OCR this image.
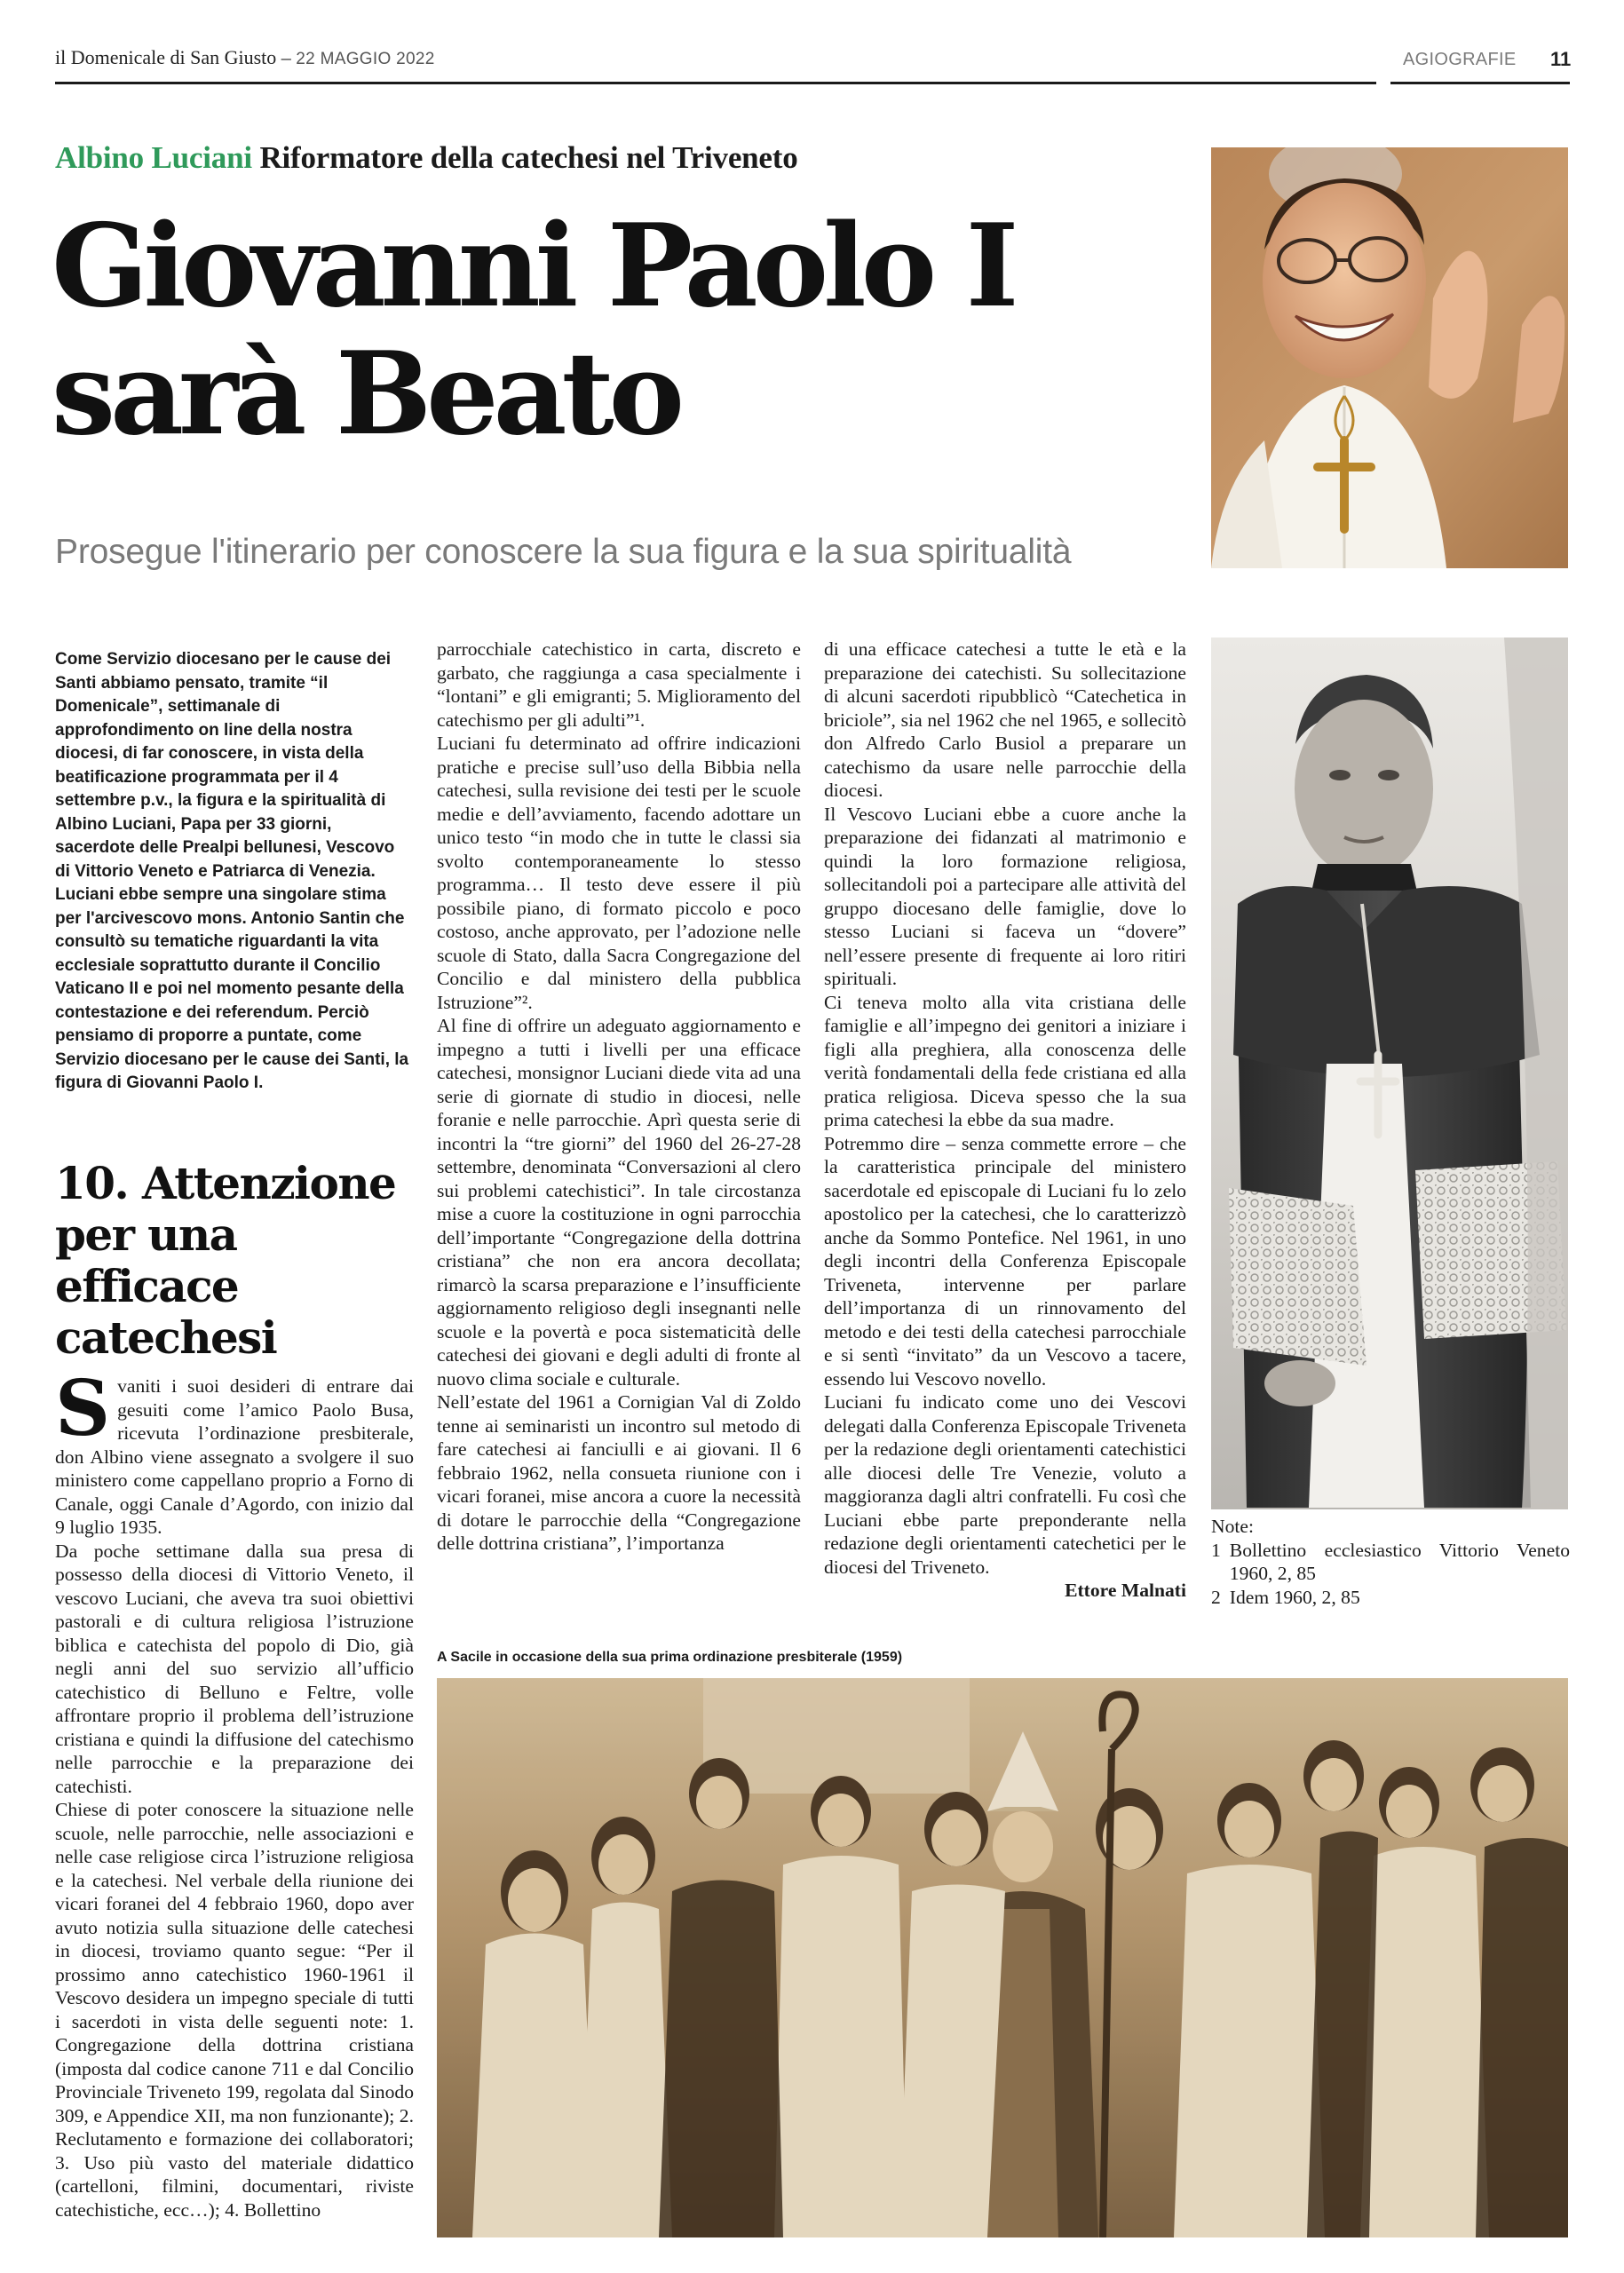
il Domenicale di San Giusto – 22 MAGGIO 2022	AGIOGRAFIE 11
Albino Luciani Riformatore della catechesi nel Triveneto
Giovanni Paolo I
sarà Beato
Prosegue l'itinerario per conoscere la sua figura e la sua spiritualità

Come Servizio diocesano per le cause dei Santi abbiamo pensato, tramite “il Domenicale”, settimanale di approfondimento on line della nostra diocesi, di far conoscere, in vista della beatificazione programmata per il 4 settembre p.v., la figura e la spiritualità di Albino Luciani, Papa per 33 giorni, sacerdote delle Prealpi bellunesi, Vescovo di Vittorio Veneto e Patriarca di Venezia. Luciani ebbe sempre una singolare stima per l'arcivescovo mons. Antonio Santin che consultò su tematiche riguardanti la vita ecclesiale soprattutto durante il Concilio Vaticano II e poi nel momento pesante della contestazione e dei referendum. Perciò pensiamo di proporre a puntate, come Servizio diocesano per le cause dei Santi, la figura di Giovanni Paolo I.

10. Attenzione
per una efficace
catechesi

Svaniti i suoi desideri di entrare dai gesuiti come l’amico Paolo Busa, ricevuta l’ordinazione presbiterale, don Albino viene assegnato a svolgere il suo ministero come cappellano proprio a Forno di Canale, oggi Canale d’Agordo, con inizio dal 9 luglio 1935.

Da poche settimane dalla sua presa di possesso della diocesi di Vittorio Veneto, il vescovo Luciani, che aveva tra suoi obiettivi pastorali e di cultura religiosa l’istruzione biblica e catechista del popolo di Dio, già negli anni del suo servizio all’ufficio catechistico di Belluno e Feltre, volle affrontare proprio il problema dell’istruzione cristiana e quindi la diffusione del catechismo nelle parrocchie e la preparazione dei catechisti.

Chiese di poter conoscere la situazione nelle scuole, nelle parrocchie, nelle associazioni e nelle case religiose circa l’istruzione religiosa e la catechesi. Nel verbale della riunione dei vicari foranei del 4 febbraio 1960, dopo aver avuto notizia sulla situazione delle catechesi in diocesi, troviamo quanto segue: “Per il prossimo anno catechistico 1960-1961 il Vescovo desidera un impegno speciale di tutti i sacerdoti in vista delle seguenti note: 1. Congregazione della dottrina cristiana (imposta dal codice canone 711 e dal Concilio Provinciale Triveneto 199, regolata dal Sinodo 309, e Appendice XII, ma non funzionante); 2. Reclutamento e formazione dei collaboratori; 3. Uso più vasto del materiale didattico (cartelloni, filmini, documentari, riviste catechistiche, ecc…); 4. Bollettino

parrocchiale catechistico in carta, discreto e garbato, che raggiunga a casa specialmente i “lontani” e gli emigranti; 5. Miglioramento del catechismo per gli adulti”¹.

Luciani fu determinato ad offrire indicazioni pratiche e precise sull’uso della Bibbia nella catechesi, sulla revisione dei testi per le scuole medie e dell’avviamento, facendo adottare un unico testo “in modo che in tutte le classi sia svolto contemporaneamente lo stesso programma… Il testo deve essere il più possibile piano, di formato piccolo e poco costoso, anche approvato, per l’adozione nelle scuole di Stato, dalla Sacra Congregazione del Concilio e dal ministero della pubblica Istruzione”².

Al fine di offrire un adeguato aggiornamento e impegno a tutti i livelli per una efficace catechesi, monsignor Luciani diede vita ad una serie di giornate di studio in diocesi, nelle foranie e nelle parrocchie. Aprì questa serie di incontri la “tre giorni” del 1960 del 26-27-28 settembre, denominata “Conversazioni al clero sui problemi catechistici”. In tale circostanza mise a cuore la costituzione in ogni parrocchia dell’importante “Congregazione della dottrina cristiana” che non era ancora decollata; rimarcò la scarsa preparazione e l’insufficiente aggiornamento religioso degli insegnanti nelle scuole e la povertà e poca sistematicità delle catechesi dei giovani e degli adulti di fronte al nuovo clima sociale e culturale.

Nell’estate del 1961 a Cornigian Val di Zoldo tenne ai seminaristi un incontro sul metodo di fare catechesi ai fanciulli e ai giovani. Il 6 febbraio 1962, nella consueta riunione con i vicari foranei, mise ancora a cuore la necessità di dotare le parrocchie della “Congregazione delle dottrina cristiana”, l’importanza

di una efficace catechesi a tutte le età e la preparazione dei catechisti. Su sollecitazione di alcuni sacerdoti ripubblicò “Catechetica in briciole”, sia nel 1962 che nel 1965, e sollecitò don Alfredo Carlo Busiol a preparare un catechismo da usare nelle parrocchie della diocesi.

Il Vescovo Luciani ebbe a cuore anche la preparazione dei fidanzati al matrimonio e quindi la loro formazione religiosa, sollecitandoli poi a partecipare alle attività del gruppo diocesano delle famiglie, dove lo stesso Luciani si faceva un “dovere” nell’essere presente di frequente ai loro ritiri spirituali.

Ci teneva molto alla vita cristiana delle famiglie e all’impegno dei genitori a iniziare i figli alla preghiera, alla conoscenza delle verità fondamentali della fede cristiana ed alla pratica religiosa. Diceva spesso che la sua prima catechesi la ebbe da sua madre.

Potremmo dire – senza commette errore – che la caratteristica principale del ministero sacerdotale ed episcopale di Luciani fu lo zelo apostolico per la catechesi, che lo caratterizzò anche da Sommo Pontefice. Nel 1961, in uno degli incontri della Conferenza Episcopale Triveneta, intervenne per parlare dell’importanza di un rinnovamento del metodo e dei testi della catechesi parrocchiale e si sentì “invitato” da un Vescovo a tacere, essendo lui Vescovo novello.

Luciani fu indicato come uno dei Vescovi delegati dalla Conferenza Episcopale Triveneta per la redazione degli orientamenti catechistici alle diocesi delle Tre Venezie, voluto a maggioranza dagli altri confratelli. Fu così che Luciani ebbe parte preponderante nella redazione degli orientamenti catechetici per le diocesi del Triveneto.

Ettore Malnati

Note:
1 Bollettino ecclesiastico Vittorio Veneto 1960, 2, 85
2 Idem 1960, 2, 85
A Sacile in occasione della sua prima ordinazione presbiterale (1959)
